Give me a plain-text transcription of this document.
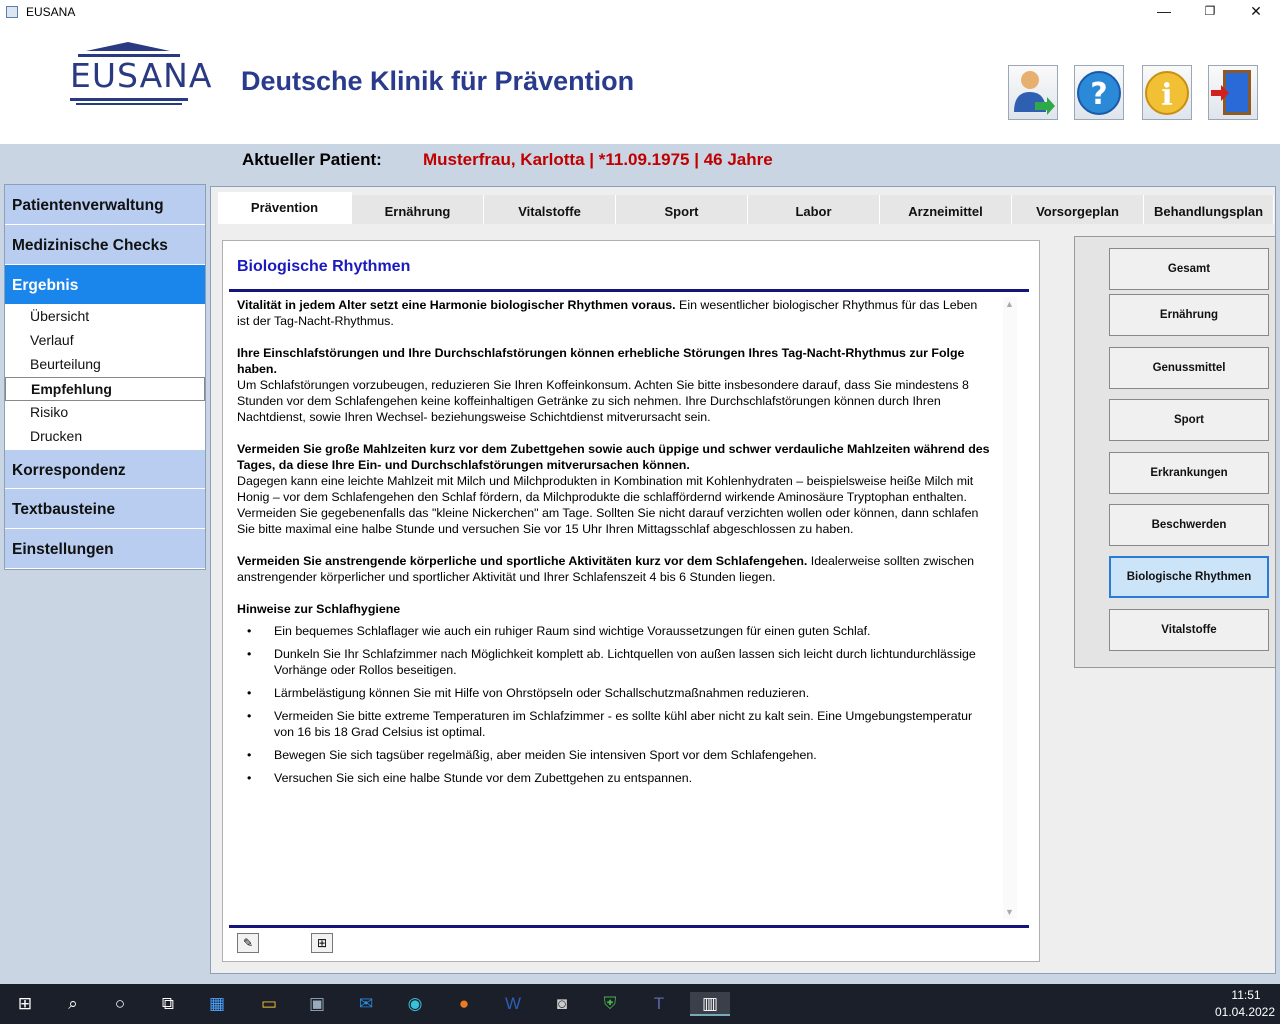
EUSANA	—	❐	✕
EUSANA Deutsche Klinik für Prävention	? i
Aktueller Patient: Musterfrau, Karlotta | *11.09.1975 | 46 Jahre
Patientenverwaltung
Medizinische Checks
Ergebnis
Übersicht
Verlauf
Beurteilung
Empfehlung
Risiko
Drucken
Korrespondenz
Textbausteine
Einstellungen
Prävention	Ernährung	Vitalstoffe	Sport	Labor	Arzneimittel	Vorsorgeplan	Behandlungsplan
Biologische Rhythmen

Vitalität in jedem Alter setzt eine Harmonie biologischer Rhythmen voraus. Ein wesentlicher biologischer Rhythmus für das Leben ist der Tag-Nacht-Rhythmus.

Ihre Einschlafstörungen und Ihre Durchschlafstörungen können erhebliche Störungen Ihres Tag-Nacht-Rhythmus zur Folge haben.
Um Schlafstörungen vorzubeugen, reduzieren Sie Ihren Koffeinkonsum. Achten Sie bitte insbesondere darauf, dass Sie mindestens 8 Stunden vor dem Schlafengehen keine koffeinhaltigen Getränke zu sich nehmen. Ihre Durchschlafstörungen können durch Ihren Nachtdienst, sowie Ihren Wechsel- beziehungsweise Schichtdienst mitverursacht sein.

Vermeiden Sie große Mahlzeiten kurz vor dem Zubettgehen sowie auch üppige und schwer verdauliche Mahlzeiten während des Tages, da diese Ihre Ein- und Durchschlafstörungen mitverursachen können.
Dagegen kann eine leichte Mahlzeit mit Milch und Milchprodukten in Kombination mit Kohlenhydraten – beispielsweise heiße Milch mit Honig – vor dem Schlafengehen den Schlaf fördern, da Milchprodukte die schlaffördernd wirkende Aminosäure Tryptophan enthalten.
Vermeiden Sie gegebenenfalls das "kleine Nickerchen" am Tage. Sollten Sie nicht darauf verzichten wollen oder können, dann schlafen Sie bitte maximal eine halbe Stunde und versuchen Sie vor 15 Uhr Ihren Mittagsschlaf abgeschlossen zu haben.

Vermeiden Sie anstrengende körperliche und sportliche Aktivitäten kurz vor dem Schlafengehen. Idealerweise sollten zwischen anstrengender körperlicher und sportlicher Aktivität und Ihrer Schlafenszeit 4 bis 6 Stunden liegen.

Hinweise zur Schlafhygiene
• Ein bequemes Schlaflager wie auch ein ruhiger Raum sind wichtige Voraussetzungen für einen guten Schlaf.
• Dunkeln Sie Ihr Schlafzimmer nach Möglichkeit komplett ab. Lichtquellen von außen lassen sich leicht durch lichtundurchlässige Vorhänge oder Rollos beseitigen.
• Lärmbelästigung können Sie mit Hilfe von Ohrstöpseln oder Schallschutzmaßnahmen reduzieren.
• Vermeiden Sie bitte extreme Temperaturen im Schlafzimmer - es sollte kühl aber nicht zu kalt sein. Eine Umgebungstemperatur von 16 bis 18 Grad Celsius ist optimal.
• Bewegen Sie sich tagsüber regelmäßig, aber meiden Sie intensiven Sport vor dem Schlafengehen.
• Versuchen Sie sich eine halbe Stunde vor dem Zubettgehen zu entspannen.
▲
▼
✎	⊞
Gesamt
Ernährung
Genussmittel
Sport
Erkrankungen
Beschwerden
Biologische Rhythmen
Vitalstoffe
⊞	⌕	○	⧉	▦ ▭ ▣	✉	◉	●	W	◙	⛨	T	▥	11:51
01.04.2022
